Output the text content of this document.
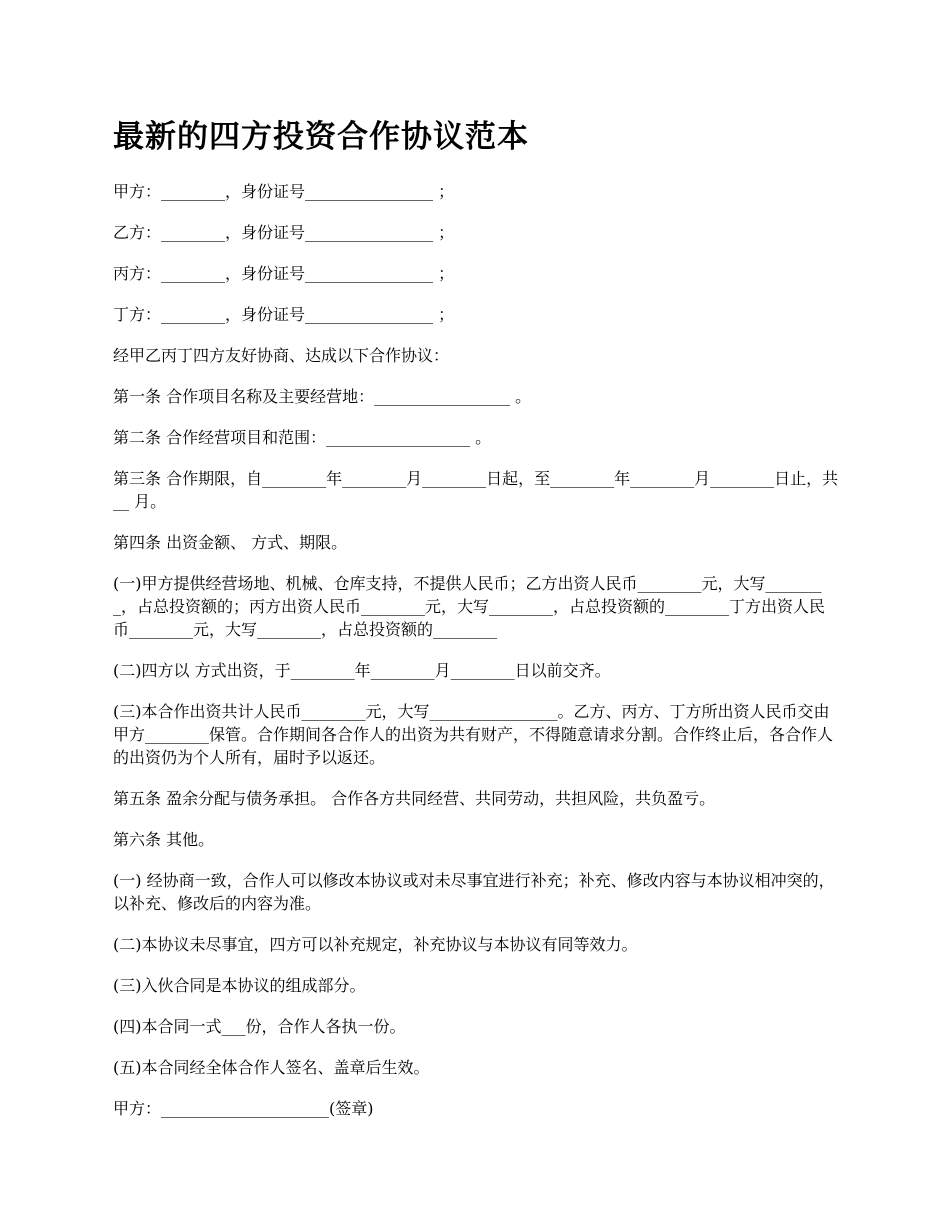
最新的四方投资合作协议范本

甲方：________，身份证号________________ ；

乙方：________，身份证号________________ ；

丙方：________，身份证号________________ ；

丁方：________，身份证号________________ ；

经甲乙丙丁四方友好协商、达成以下合作协议：

第一条 合作项目名称及主要经营地：_________________ 。

第二条 合作经营项目和范围：__________________ 。

第三条 合作期限，自________年________月________日起，至________年________月________日止，共__ 月。

第四条 出资金额、 方式、期限。

(一)甲方提供经营场地、机械、仓库支持，不提供人民币；乙方出资人民币________元，大写________，占总投资额的；丙方出资人民币________元，大写________，占总投资额的________丁方出资人民币________元，大写________，占总投资额的________

(二)四方以 方式出资，于________年________月________日以前交齐。

(三)本合作出资共计人民币________元，大写________________。乙方、丙方、丁方所出资人民币交由甲方________保管。合作期间各合作人的出资为共有财产，不得随意请求分割。合作终止后，各合作人的出资仍为个人所有，届时予以返还。

第五条 盈余分配与债务承担。 合作各方共同经营、共同劳动，共担风险，共负盈亏。

第六条 其他。

(一) 经协商一致，合作人可以修改本协议或对未尽事宜进行补充；补充、修改内容与本协议相冲突的，以补充、修改后的内容为准。

(二)本协议未尽事宜，四方可以补充规定，补充协议与本协议有同等效力。

(三)入伙合同是本协议的组成部分。

(四)本合同一式___份，合作人各执一份。

(五)本合同经全体合作人签名、盖章后生效。

甲方：_____________________(签章)
